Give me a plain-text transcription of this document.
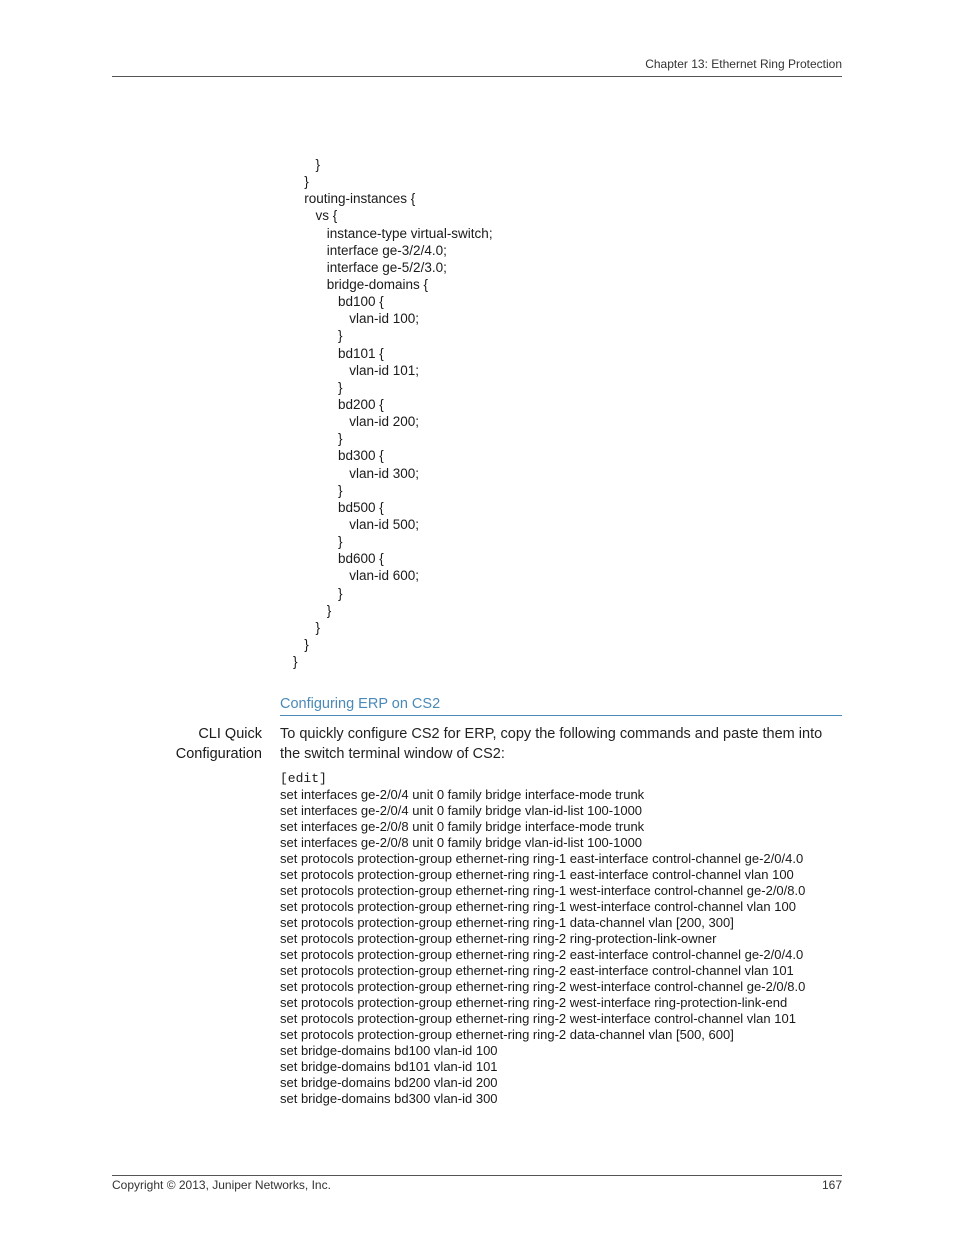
Chapter 13: Ethernet Ring Protection
}
}
routing-instances {
vs {
instance-type virtual-switch;
interface ge-3/2/4.0;
interface ge-5/2/3.0;
bridge-domains {
bd100 {
vlan-id 100;
}
bd101 {
vlan-id 101;
}
bd200 {
vlan-id 200;
}
bd300 {
vlan-id 300;
}
bd500 {
vlan-id 500;
}
bd600 {
vlan-id 600;
}
}
}
}
}
Configuring ERP on CS2
CLI Quick
Configuration
To quickly configure CS2 for ERP, copy the following commands and paste them into the switch terminal window of CS2:
[edit]
set interfaces ge-2/0/4 unit 0 family bridge interface-mode trunk
set interfaces ge-2/0/4 unit 0 family bridge vlan-id-list 100-1000
set interfaces ge-2/0/8 unit 0 family bridge interface-mode trunk
set interfaces ge-2/0/8 unit 0 family bridge vlan-id-list 100-1000
set protocols protection-group ethernet-ring ring-1 east-interface control-channel ge-2/0/4.0
set protocols protection-group ethernet-ring ring-1 east-interface control-channel vlan 100
set protocols protection-group ethernet-ring ring-1 west-interface control-channel ge-2/0/8.0
set protocols protection-group ethernet-ring ring-1 west-interface control-channel vlan 100
set protocols protection-group ethernet-ring ring-1 data-channel vlan [200, 300]
set protocols protection-group ethernet-ring ring-2 ring-protection-link-owner
set protocols protection-group ethernet-ring ring-2 east-interface control-channel ge-2/0/4.0
set protocols protection-group ethernet-ring ring-2 east-interface control-channel vlan 101
set protocols protection-group ethernet-ring ring-2 west-interface control-channel ge-2/0/8.0
set protocols protection-group ethernet-ring ring-2 west-interface ring-protection-link-end
set protocols protection-group ethernet-ring ring-2 west-interface control-channel vlan 101
set protocols protection-group ethernet-ring ring-2 data-channel vlan [500, 600]
set bridge-domains bd100 vlan-id 100
set bridge-domains bd101 vlan-id 101
set bridge-domains bd200 vlan-id 200
set bridge-domains bd300 vlan-id 300
Copyright © 2013, Juniper Networks, Inc.	167
